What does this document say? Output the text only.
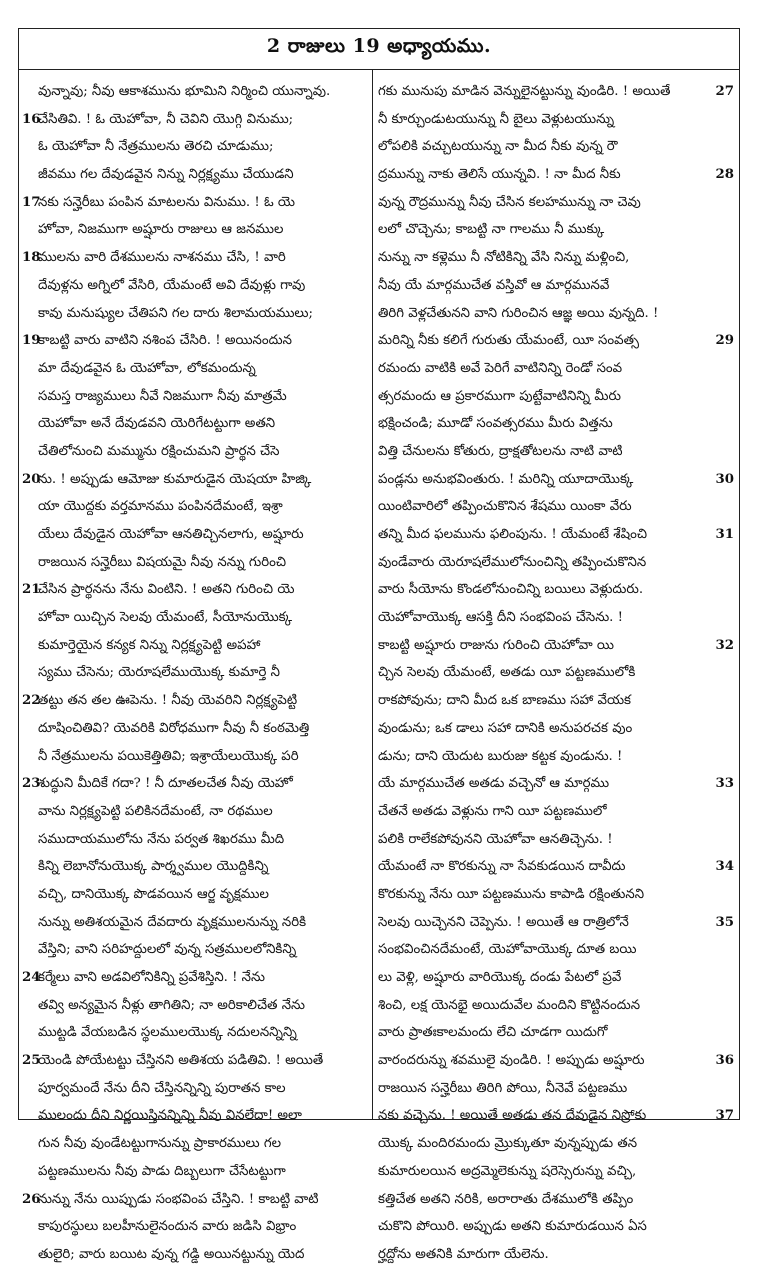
2 రాజులు 19 అధ్యాయము.
వున్నావు; నీవు ఆకాశమును భూమిని నిర్మించి యున్నావు.
16
చేసితివి. ! ఓ యెహోవా, నీ చెవిని యొగ్గి వినుము;
ఓ యెహోవా నీ నేత్రములను తెరచి చూడుము;
జీవము గల దేవుడవైన నిన్ను నిర్లక్ష్యము చేయుడని
17
నకు సన్హెరీబు పంపిన మాటలను వినుము. ! ఓ యె
హోవా, నిజముగా అష్షూరు రాజులు ఆ జనముల
18
ములను వారి దేశములను నాశనము చేసి, ! వారి
దేవుళ్లను అగ్నిలో వేసిరి, యేమంటే అవి దేవుళ్లు గావు
కావు మనుష్యుల చేతిపని గల దారు శిలామయములు;
19
కాబట్టి వారు వాటిని నశింప చేసిరి. ! అయినందున
మా దేవుడవైన ఓ యెహోవా, లోకమందున్న
సమస్త రాజ్యములు నీవే నిజముగా నీవు మాత్రమే
యెహోవా అనే దేవుడవని యెరిగేటట్టుగా అతని
చేతిలోనుంచి మమ్మును రక్షించుమని ప్రార్థన చేసె
20
ను. ! అప్పుడు ఆమోజు కుమారుడైన యెషయా హిజ్కి
యా యొద్దకు వర్తమానము పంపినదేమంటే, ఇశ్రా
యేలు దేవుడైన యెహోవా ఆనతిచ్చినలాగు, అష్షూరు
రాజయిన సన్హెరీబు విషయమై నీవు నన్ను గురించి
21
చేసిన ప్రార్థనను నేను వింటిని. ! అతని గురించి యె
హోవా యిచ్చిన సెలవు యేమంటే, సీయోనుయొక్క
కుమార్తెయైన కన్యక నిన్ను నిర్లక్ష్యపెట్టి అపహా
స్యము చేసెను; యెరూషలేముయొక్క కుమార్తె నీ
22
తట్టు తన తల ఊపెను. ! నీవు యెవరిని నిర్లక్ష్యపెట్టి
దూషించితివి? యెవరికి విరోధముగా నీవు నీ కంఠమెత్తి
నీ నేత్రములను పయికెత్తితివి; ఇశ్రాయేలుయొక్క పరి
23
శుద్ధుని మీదికే గదా? ! నీ దూతలచేత నీవు యెహో
వాను నిర్లక్ష్యపెట్టి పలికినదేమంటే, నా రథముల
సముదాయములోను నేను పర్వత శిఖరము మీది
కిన్ని లెబానోనుయొక్క పార్శ్వముల యొద్దికిన్ని
వచ్చి, దానియొక్క పొడవయిన ఆర్జ వృక్షముల
నున్ను అతిశయమైన దేవదారు వృక్షములనున్ను నరికి
వేస్తిని; వాని సరిహద్దులలో వున్న సత్రములలోనికిన్ని
24
కర్మేలు వాని అడవిలోనికిన్ని ప్రవేశిస్తిని. ! నేను
తవ్వి అన్యమైన నీళ్లు తాగితిని; నా అరికాలిచేత నేను
ముట్టడి వేయబడిన స్థలములయొక్క నదులనన్నిన్ని
25
యెండి పోయేటట్టు చేస్తినని అతిశయ పడితివి. ! అయితే
పూర్వమందే నేను దీని చేస్తినన్నిన్ని పురాతన కాల
ములందు దీని నిర్ణయిస్తినన్నిన్ని నీవు వినలేదా! అలా
గున నీవు వుండేటట్టుగానున్ను ప్రాకారములు గల
పట్టణములను నీవు పాడు దిబ్బలుగా చేసేటట్టుగా
26
నున్ను నేను యిప్పుడు సంభవింప చేస్తిని. ! కాబట్టి వాటి
కాపురస్థులు బలహీనులైనందున వారు జడిసి విభ్రాం
తులైరి; వారు బయిట వున్న గడ్డి అయినట్టున్ను యెద
27
గకు మునుపు మాడిన వెన్నులైనట్టున్ను వుండిరి. ! అయితే
నీ కూర్చుండుటయున్ను నీ బైలు వెళ్లుటయున్ను
లోపలికి వచ్చుటయున్ను నా మీద నీకు వున్న రౌ
28
ద్రమున్ను నాకు తెలిసే యున్నవి. ! నా మీద నీకు
వున్న రౌద్రమున్ను నీవు చేసిన కలహమున్ను నా చెవు
లలో చొచ్చెను; కాబట్టి నా గాలము నీ ముక్కు
నున్ను నా కళ్లెము నీ నోటికిన్ని వేసి నిన్ను మళ్లించి,
నీవు యే మార్గముచేత వస్తివో ఆ మార్గమునవే
తిరిగి వెళ్లచేతునని వాని గురించిన ఆజ్ఞ అయి వున్నది. !
29
మరిన్ని నీకు కలిగే గురుతు యేమంటే, యీ సంవత్స
రమందు వాటికి అవే పెరిగే వాటినిన్ని రెండో సంవ
త్సరమందు ఆ ప్రకారముగా పుట్టేవాటినిన్ని మీరు
భక్షించండి; మూడో సంవత్సరము మీరు విత్తను
విత్తి చేనులను కోతురు, ద్రాక్షతోటలను నాటి వాటి
30
పండ్లను అనుభవింతురు. ! మరిన్ని యూదాయొక్క
యింటివారిలో తప్పించుకొనిన శేషము యింకా వేరు
31
తన్ని మీద ఫలమును ఫలింపును. ! యేమంటే శేషించి
వుండేవారు యెరూషలేములోనుంచిన్ని తప్పించుకొనిన
వారు సీయోను కొండలోనుంచిన్ని బయిలు వెళ్లుదురు.
యెహోవాయొక్క ఆసక్తి దీని సంభవింప చేసెను. !
32
కాబట్టి అష్షూరు రాజును గురించి యెహోవా యి
చ్చిన సెలవు యేమంటే, అతడు యీ పట్టణములోకి
రాకపోవును; దాని మీద ఒక బాణము సహా వేయక
వుండును; ఒక డాలు సహా దానికి అనుపరచక వుం
డును; దాని యెదుట బురుజు కట్టక వుండును. !
33
యే మార్గముచేత అతడు వచ్చెనో ఆ మార్గము
చేతనే అతడు వెళ్లును గాని యీ పట్టణములో
పలికి రాలేకపోవునని యెహోవా ఆనతిచ్చెను. !
34
యేమంటే నా కొరకున్ను నా సేవకుడయిన దావీదు
కొరకున్ను నేను యీ పట్టణమును కాపాడి రక్షింతునని
35
సెలవు యిచ్చెనని చెప్పెను. ! అయితే ఆ రాత్రిలోనే
సంభవించినదేమంటే, యెహోవాయొక్క దూత బయి
లు వెళ్లి, అష్షూరు వారియొక్క దండు పేటలో ప్రవే
శించి, లక్ష యెనభై అయిదువేల మందిని కొట్టినందున
వారు ప్రాతఃకాలమందు లేచి చూడగా యిదుగో
36
వారందరున్ను శవములై వుండిరి. ! అప్పుడు అష్షూరు
రాజయిన సన్హెరీబు తిరిగి పోయి, నీనెవే పట్టణము
37
నకు వచ్చెను. ! అయితే అతడు తన దేవుడైన నిస్రోకు
యొక్క మందిరమందు మ్రొక్కుతూ వున్నప్పుడు తన
కుమారులయిన అద్రమ్మెలెకున్ను షరెస్సెరున్ను వచ్చి,
కత్తిచేత అతని నరికి, అరారాతు దేశములోకి తప్పిం
చుకొని పోయిరి. అప్పుడు అతని కుమారుడయిన ఏస
ర్హద్దోను అతనికి మారుగా యేలెను.
